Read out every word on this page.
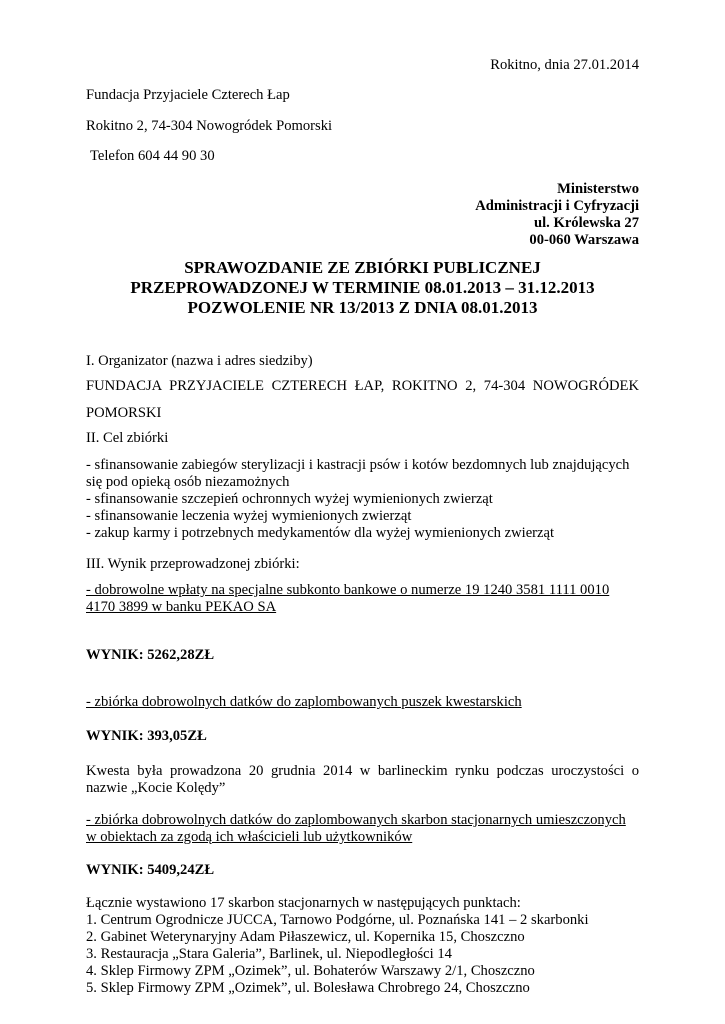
Rokitno, dnia 27.01.2014
Fundacja Przyjaciele Czterech Łap
Rokitno 2, 74-304 Nowogródek Pomorski
Telefon 604 44 90 30
Ministerstwo
Administracji i Cyfryzacji
ul. Królewska 27
00-060 Warszawa
SPRAWOZDANIE ZE ZBIÓRKI PUBLICZNEJ
PRZEPROWADZONEJ W TERMINIE 08.01.2013 – 31.12.2013
POZWOLENIE NR 13/2013 Z DNIA 08.01.2013
I. Organizator (nazwa i adres siedziby)
FUNDACJA PRZYJACIELE CZTERECH ŁAP, ROKITNO 2, 74-304 NOWOGRÓDEK
POMORSKI
II. Cel zbiórki
- sfinansowanie zabiegów sterylizacji i kastracji psów i kotów bezdomnych lub znajdujących
się pod opieką osób niezamożnych
- sfinansowanie szczepień ochronnych wyżej wymienionych zwierząt
- sfinansowanie leczenia wyżej wymienionych zwierząt
- zakup karmy i potrzebnych medykamentów dla wyżej wymienionych zwierząt
III. Wynik przeprowadzonej zbiórki:
- dobrowolne wpłaty na specjalne subkonto bankowe o numerze 19 1240 3581 1111 0010
4170 3899 w banku PEKAO SA
WYNIK: 5262,28ZŁ
- zbiórka dobrowolnych datków do zaplombowanych puszek kwestarskich
WYNIK: 393,05ZŁ
Kwesta była prowadzona 20 grudnia 2014 w barlineckim rynku podczas uroczystości o
nazwie „Kocie Kolędy”
- zbiórka dobrowolnych datków do zaplombowanych skarbon stacjonarnych umieszczonych
w obiektach za zgodą ich właścicieli lub użytkowników
WYNIK: 5409,24ZŁ
Łącznie wystawiono 17 skarbon stacjonarnych w następujących punktach:
1. Centrum Ogrodnicze JUCCA, Tarnowo Podgórne, ul. Poznańska 141 – 2 skarbonki
2. Gabinet Weterynaryjny Adam Piłaszewicz, ul. Kopernika 15, Choszczno
3. Restauracja „Stara Galeria”, Barlinek, ul. Niepodległości 14
4. Sklep Firmowy ZPM „Ozimek”, ul. Bohaterów Warszawy 2/1, Choszczno
5. Sklep Firmowy ZPM „Ozimek”, ul. Bolesława Chrobrego 24, Choszczno
